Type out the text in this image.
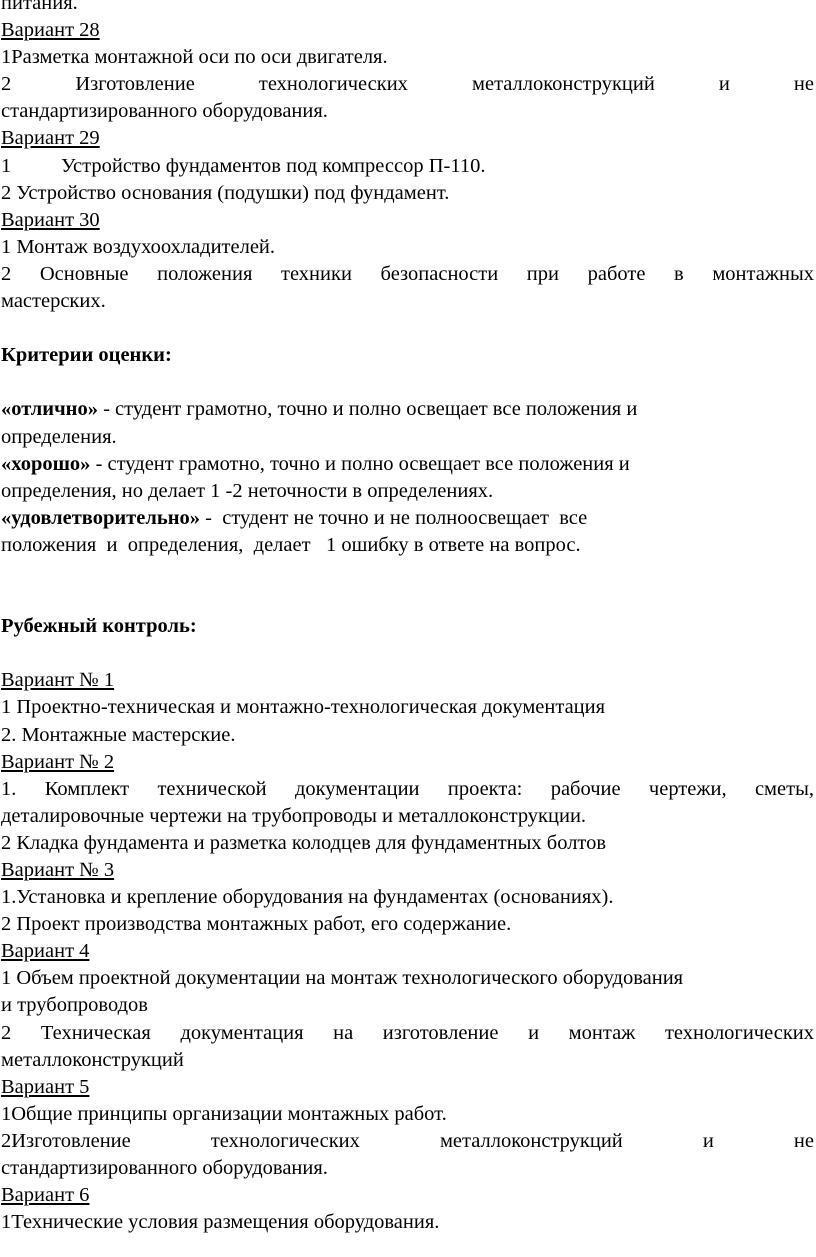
питания.

Вариант 28

1Разметка монтажной оси по оси двигателя.

2 Изготовление технологических металлоконструкций и не

стандартизированного оборудования.

Вариант 29

1 Устройство фундаментов под компрессор П-110.

2 Устройство основания (подушки) под фундамент.

Вариант 30

1 Монтаж воздухоохладителей.

2 Основные положения техники безопасности при работе в монтажных

мастерских.

Критерии оценки:

«отлично» - студент грамотно, точно и полно освещает все положения и

определения.

«хорошо» - студент грамотно, точно и полно освещает все положения и

определения, но делает 1 -2 неточности в определениях.

«удовлетворительно» -  студент не точно и не полноосвещает  все

положения  и  определения,  делает   1 ошибку в ответе на вопрос.

Рубежный контроль:

Вариант № 1

1 Проектно-техническая и монтажно-технологическая документация

2. Монтажные мастерские.

Вариант № 2

1. Комплект технической документации проекта: рабочие чертежи, сметы,

деталировочные чертежи на трубопроводы и металлоконструкции.

2 Кладка фундамента и разметка колодцев для фундаментных болтов

Вариант № 3

1.Установка и крепление оборудования на фундаментах (основаниях).

2 Проект производства монтажных работ, его содержание.

Вариант 4

1 Объем проектной документации на монтаж технологического оборудования

и трубопроводов

2 Техническая документация на изготовление и монтаж технологических

металлоконструкций

Вариант 5

1Общие принципы организации монтажных работ.

2Изготовление технологических металлоконструкций и не

стандартизированного оборудования.

Вариант 6

1Технические условия размещения оборудования.
